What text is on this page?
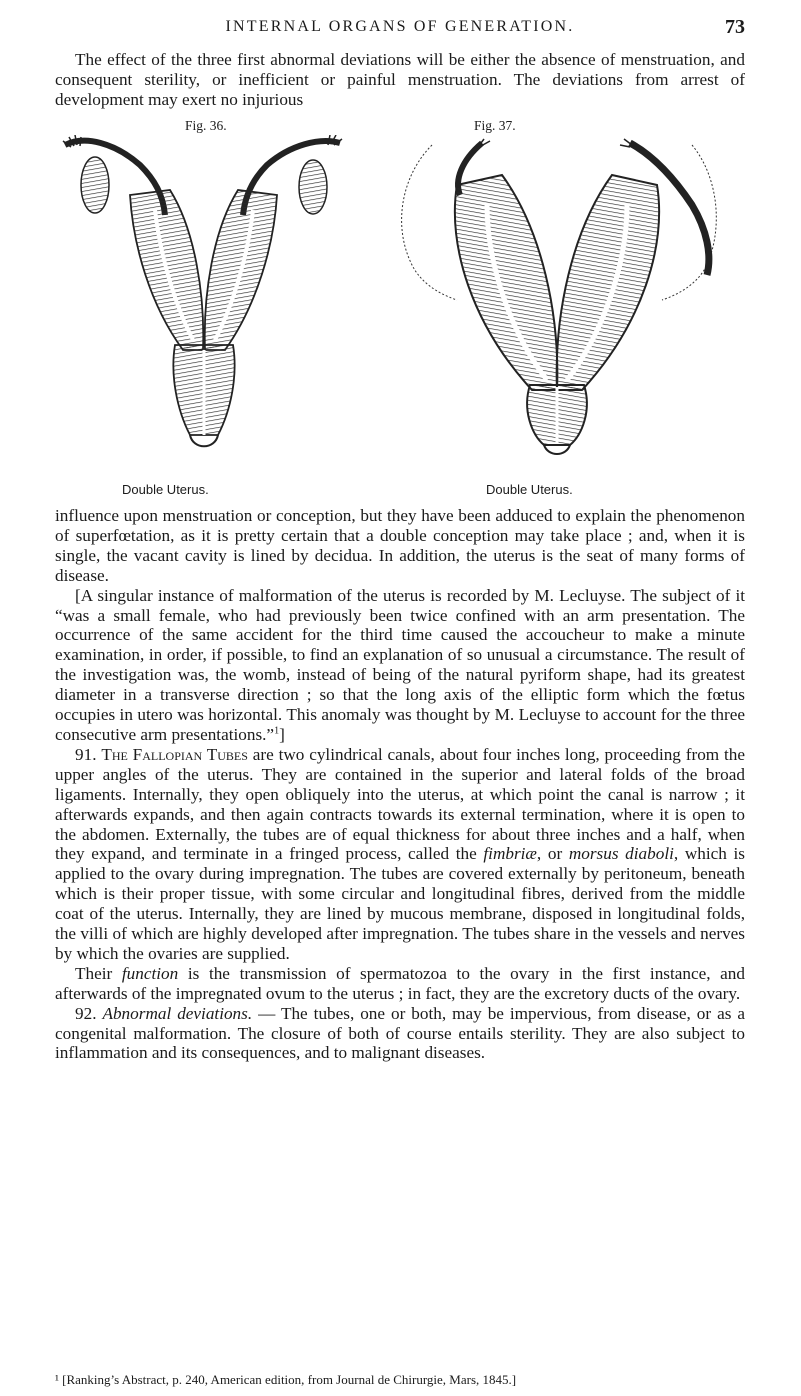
INTERNAL ORGANS OF GENERATION.	73

The effect of the three first abnormal deviations will be either the absence of menstruation, and consequent sterility, or inefficient or painful menstruation. The deviations from arrest of development may exert no injurious

Fig. 36.	Fig. 37.
Double Uterus.	Double Uterus.

influence upon menstruation or conception, but they have been adduced to explain the phenomenon of superfœtation, as it is pretty certain that a double conception may take place ; and, when it is single, the vacant cavity is lined by decidua. In addition, the uterus is the seat of many forms of disease.

[A singular instance of malformation of the uterus is recorded by M. Lecluyse. The subject of it “was a small female, who had previously been twice confined with an arm presentation. The occurrence of the same accident for the third time caused the accoucheur to make a minute examination, in order, if possible, to find an explanation of so unusual a circumstance. The result of the investigation was, the womb, instead of being of the natural pyriform shape, had its greatest diameter in a transverse direction ; so that the long axis of the elliptic form which the fœtus occupies in utero was horizontal. This anomaly was thought by M. Lecluyse to account for the three consecutive arm presentations.”$^1$]

91. The Fallopian Tubes are two cylindrical canals, about four inches long, proceeding from the upper angles of the uterus. They are contained in the superior and lateral folds of the broad ligaments. Internally, they open obliquely into the uterus, at which point the canal is narrow ; it afterwards expands, and then again contracts towards its external termination, where it is open to the abdomen. Externally, the tubes are of equal thickness for about three inches and a half, when they expand, and terminate in a fringed process, called the fimbriæ, or morsus diaboli, which is applied to the ovary during impregnation. The tubes are covered externally by peritoneum, beneath which is their proper tissue, with some circular and longitudinal fibres, derived from the middle coat of the uterus. Internally, they are lined by mucous membrane, disposed in longitudinal folds, the villi of which are highly developed after impregnation. The tubes share in the vessels and nerves by which the ovaries are supplied.

Their function is the transmission of spermatozoa to the ovary in the first instance, and afterwards of the impregnated ovum to the uterus ; in fact, they are the excretory ducts of the ovary.

92. Abnormal deviations. — The tubes, one or both, may be impervious, from disease, or as a congenital malformation. The closure of both of course entails sterility. They are also subject to inflammation and its consequences, and to malignant diseases.

¹ [Ranking’s Abstract, p. 240, American edition, from Journal de Chirurgie, Mars, 1845.]
